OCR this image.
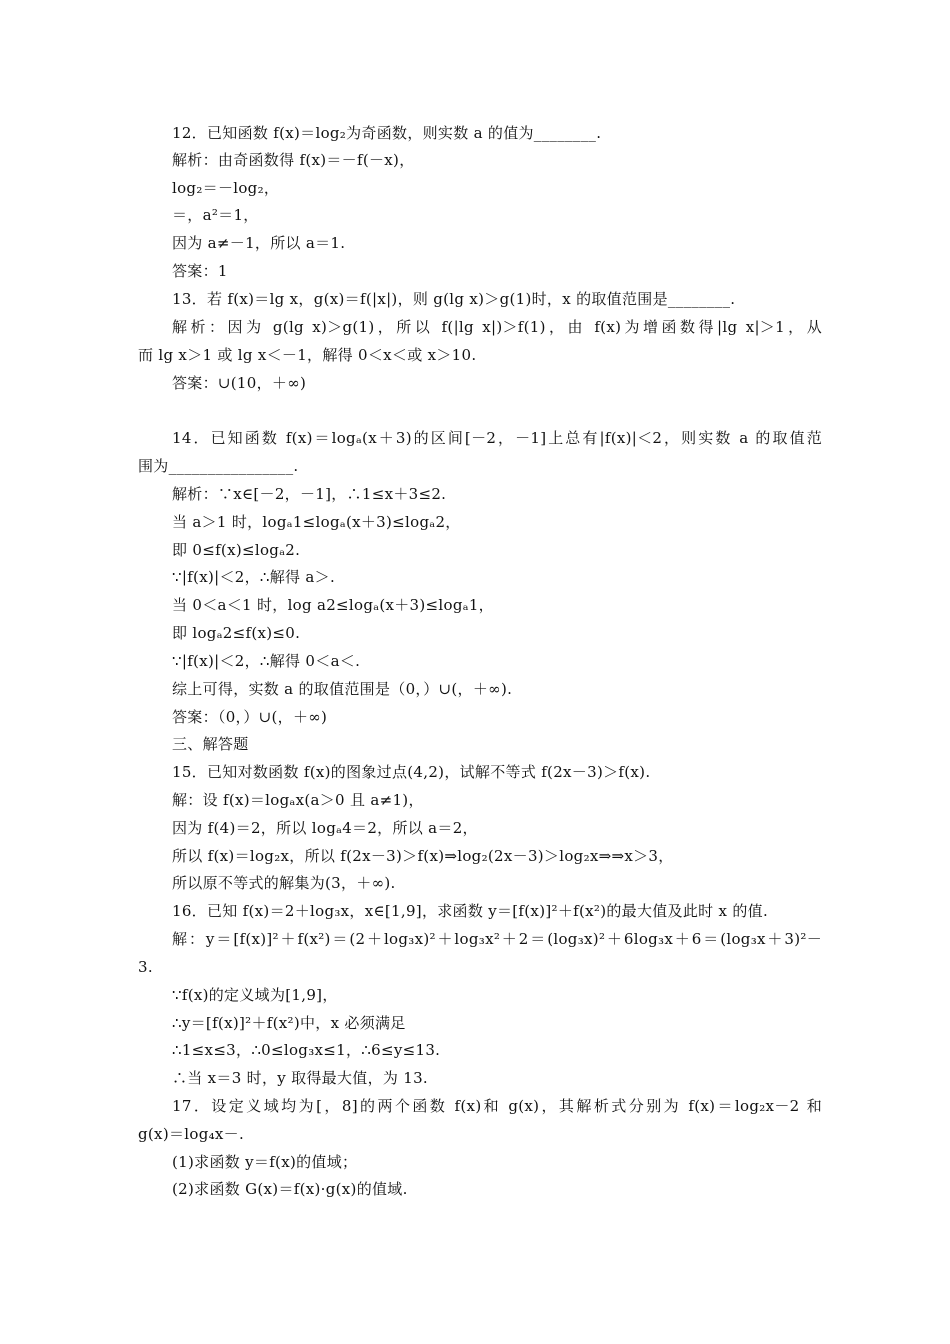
12．已知函数 f(x)＝log₂为奇函数，则实数 a 的值为________.
解析：由奇函数得 f(x)＝－f(－x)，
log₂＝－log₂，
＝，a²＝1，
因为 a≠－1，所以 a＝1.
答案：1
13．若 f(x)＝lg x，g(x)＝f(|x|)，则 g(lg x)＞g(1)时，x 的取值范围是________.
解析：因为 g(lg x)＞g(1)，所以 f(|lg x|)＞f(1)，由 f(x)为增函数得|lg x|＞1，从
而 lg x＞1 或 lg x＜－1，解得 0＜x＜或 x＞10.
答案：∪(10，＋∞)
14．已知函数 f(x)＝logₐ(x＋3)的区间[－2，－1]上总有|f(x)|＜2，则实数 a 的取值范
围为________________.
解析：∵x∈[－2，－1]，∴1≤x＋3≤2.
当 a＞1 时，logₐ1≤logₐ(x＋3)≤logₐ2，
即 0≤f(x)≤logₐ2.
∵|f(x)|＜2，∴解得 a＞.
当 0＜a＜1 时，log a2≤logₐ(x＋3)≤logₐ1，
即 logₐ2≤f(x)≤0.
∵|f(x)|＜2，∴解得 0＜a＜.
综上可得，实数 a 的取值范围是（0，）∪(，＋∞).
答案：（0，）∪(，＋∞)
三、解答题
15．已知对数函数 f(x)的图象过点(4,2)，试解不等式 f(2x－3)＞f(x).
解：设 f(x)＝logₐx(a＞0 且 a≠1)，
因为 f(4)＝2，所以 logₐ4＝2，所以 a＝2，
所以 f(x)＝log₂x，所以 f(2x－3)＞f(x)⇒log₂(2x－3)＞log₂x⇒⇒x＞3，
所以原不等式的解集为(3，＋∞).
16．已知 f(x)＝2＋log₃x，x∈[1,9]，求函数 y＝[f(x)]²＋f(x²)的最大值及此时 x 的值.
解：y＝[f(x)]²＋f(x²)＝(2＋log₃x)²＋log₃x²＋2＝(log₃x)²＋6log₃x＋6＝(log₃x＋3)²－
3.
∵f(x)的定义域为[1,9]，
∴y＝[f(x)]²＋f(x²)中，x 必须满足
∴1≤x≤3，∴0≤log₃x≤1，∴6≤y≤13.
∴当 x＝3 时，y 取得最大值，为 13.
17．设定义域均为[，8]的两个函数 f(x)和 g(x)，其解析式分别为 f(x)＝log₂x－2 和
g(x)＝log₄x－.
(1)求函数 y＝f(x)的值域；
(2)求函数 G(x)＝f(x)·g(x)的值域.
